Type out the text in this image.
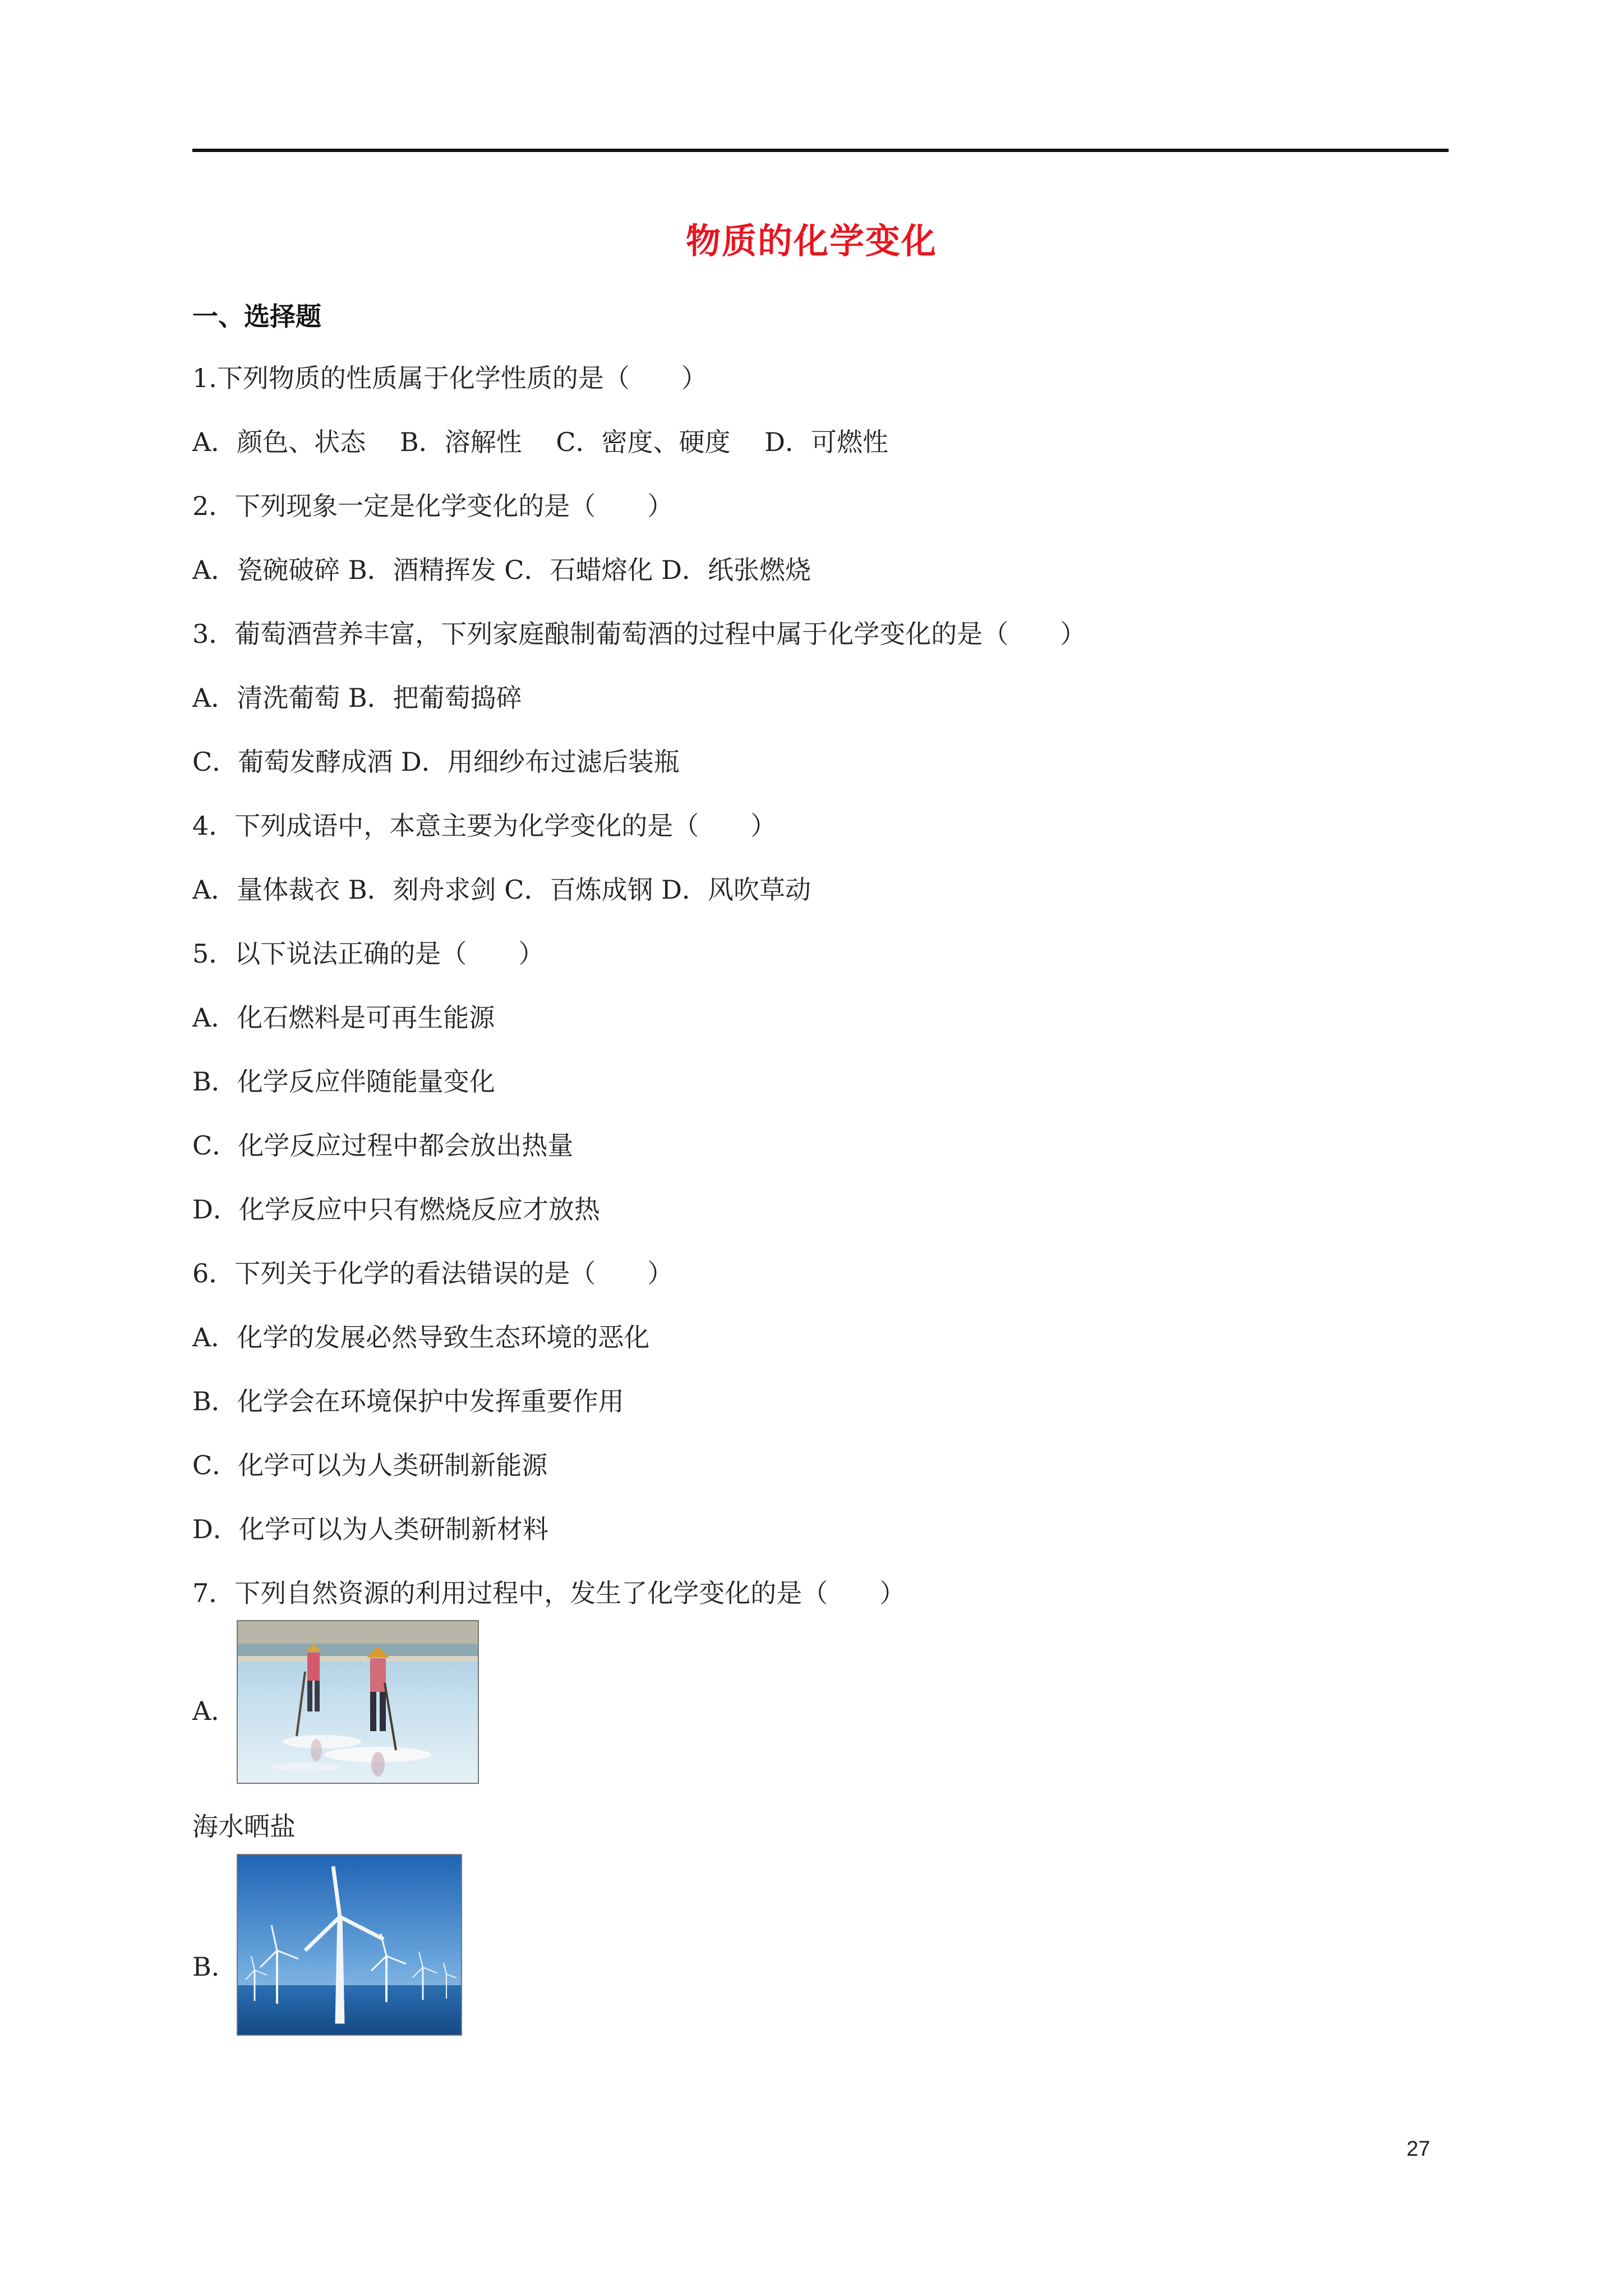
物质的化学变化
一、选择题
1.下列物质的性质属于化学性质的是（　　）
A．颜色、状态　 B．溶解性　 C．密度、硬度　 D．可燃性
2．下列现象一定是化学变化的是（　　）
A．瓷碗破碎 B．酒精挥发 C．石蜡熔化 D．纸张燃烧
3．葡萄酒营养丰富，下列家庭酿制葡萄酒的过程中属于化学变化的是（　　）
A．清洗葡萄 B．把葡萄捣碎
C．葡萄发酵成酒 D．用细纱布过滤后装瓶
4．下列成语中，本意主要为化学变化的是（　　）
A．量体裁衣 B．刻舟求剑 C．百炼成钢 D．风吹草动
5．以下说法正确的是（　　）
A．化石燃料是可再生能源
B．化学反应伴随能量变化
C．化学反应过程中都会放出热量
D．化学反应中只有燃烧反应才放热
6．下列关于化学的看法错误的是（　　）
A．化学的发展必然导致生态环境的恶化
B．化学会在环境保护中发挥重要作用
C．化学可以为人类研制新能源
D．化学可以为人类研制新材料
7．下列自然资源的利用过程中，发生了化学变化的是（　　）
A．
海水晒盐
B．
27
